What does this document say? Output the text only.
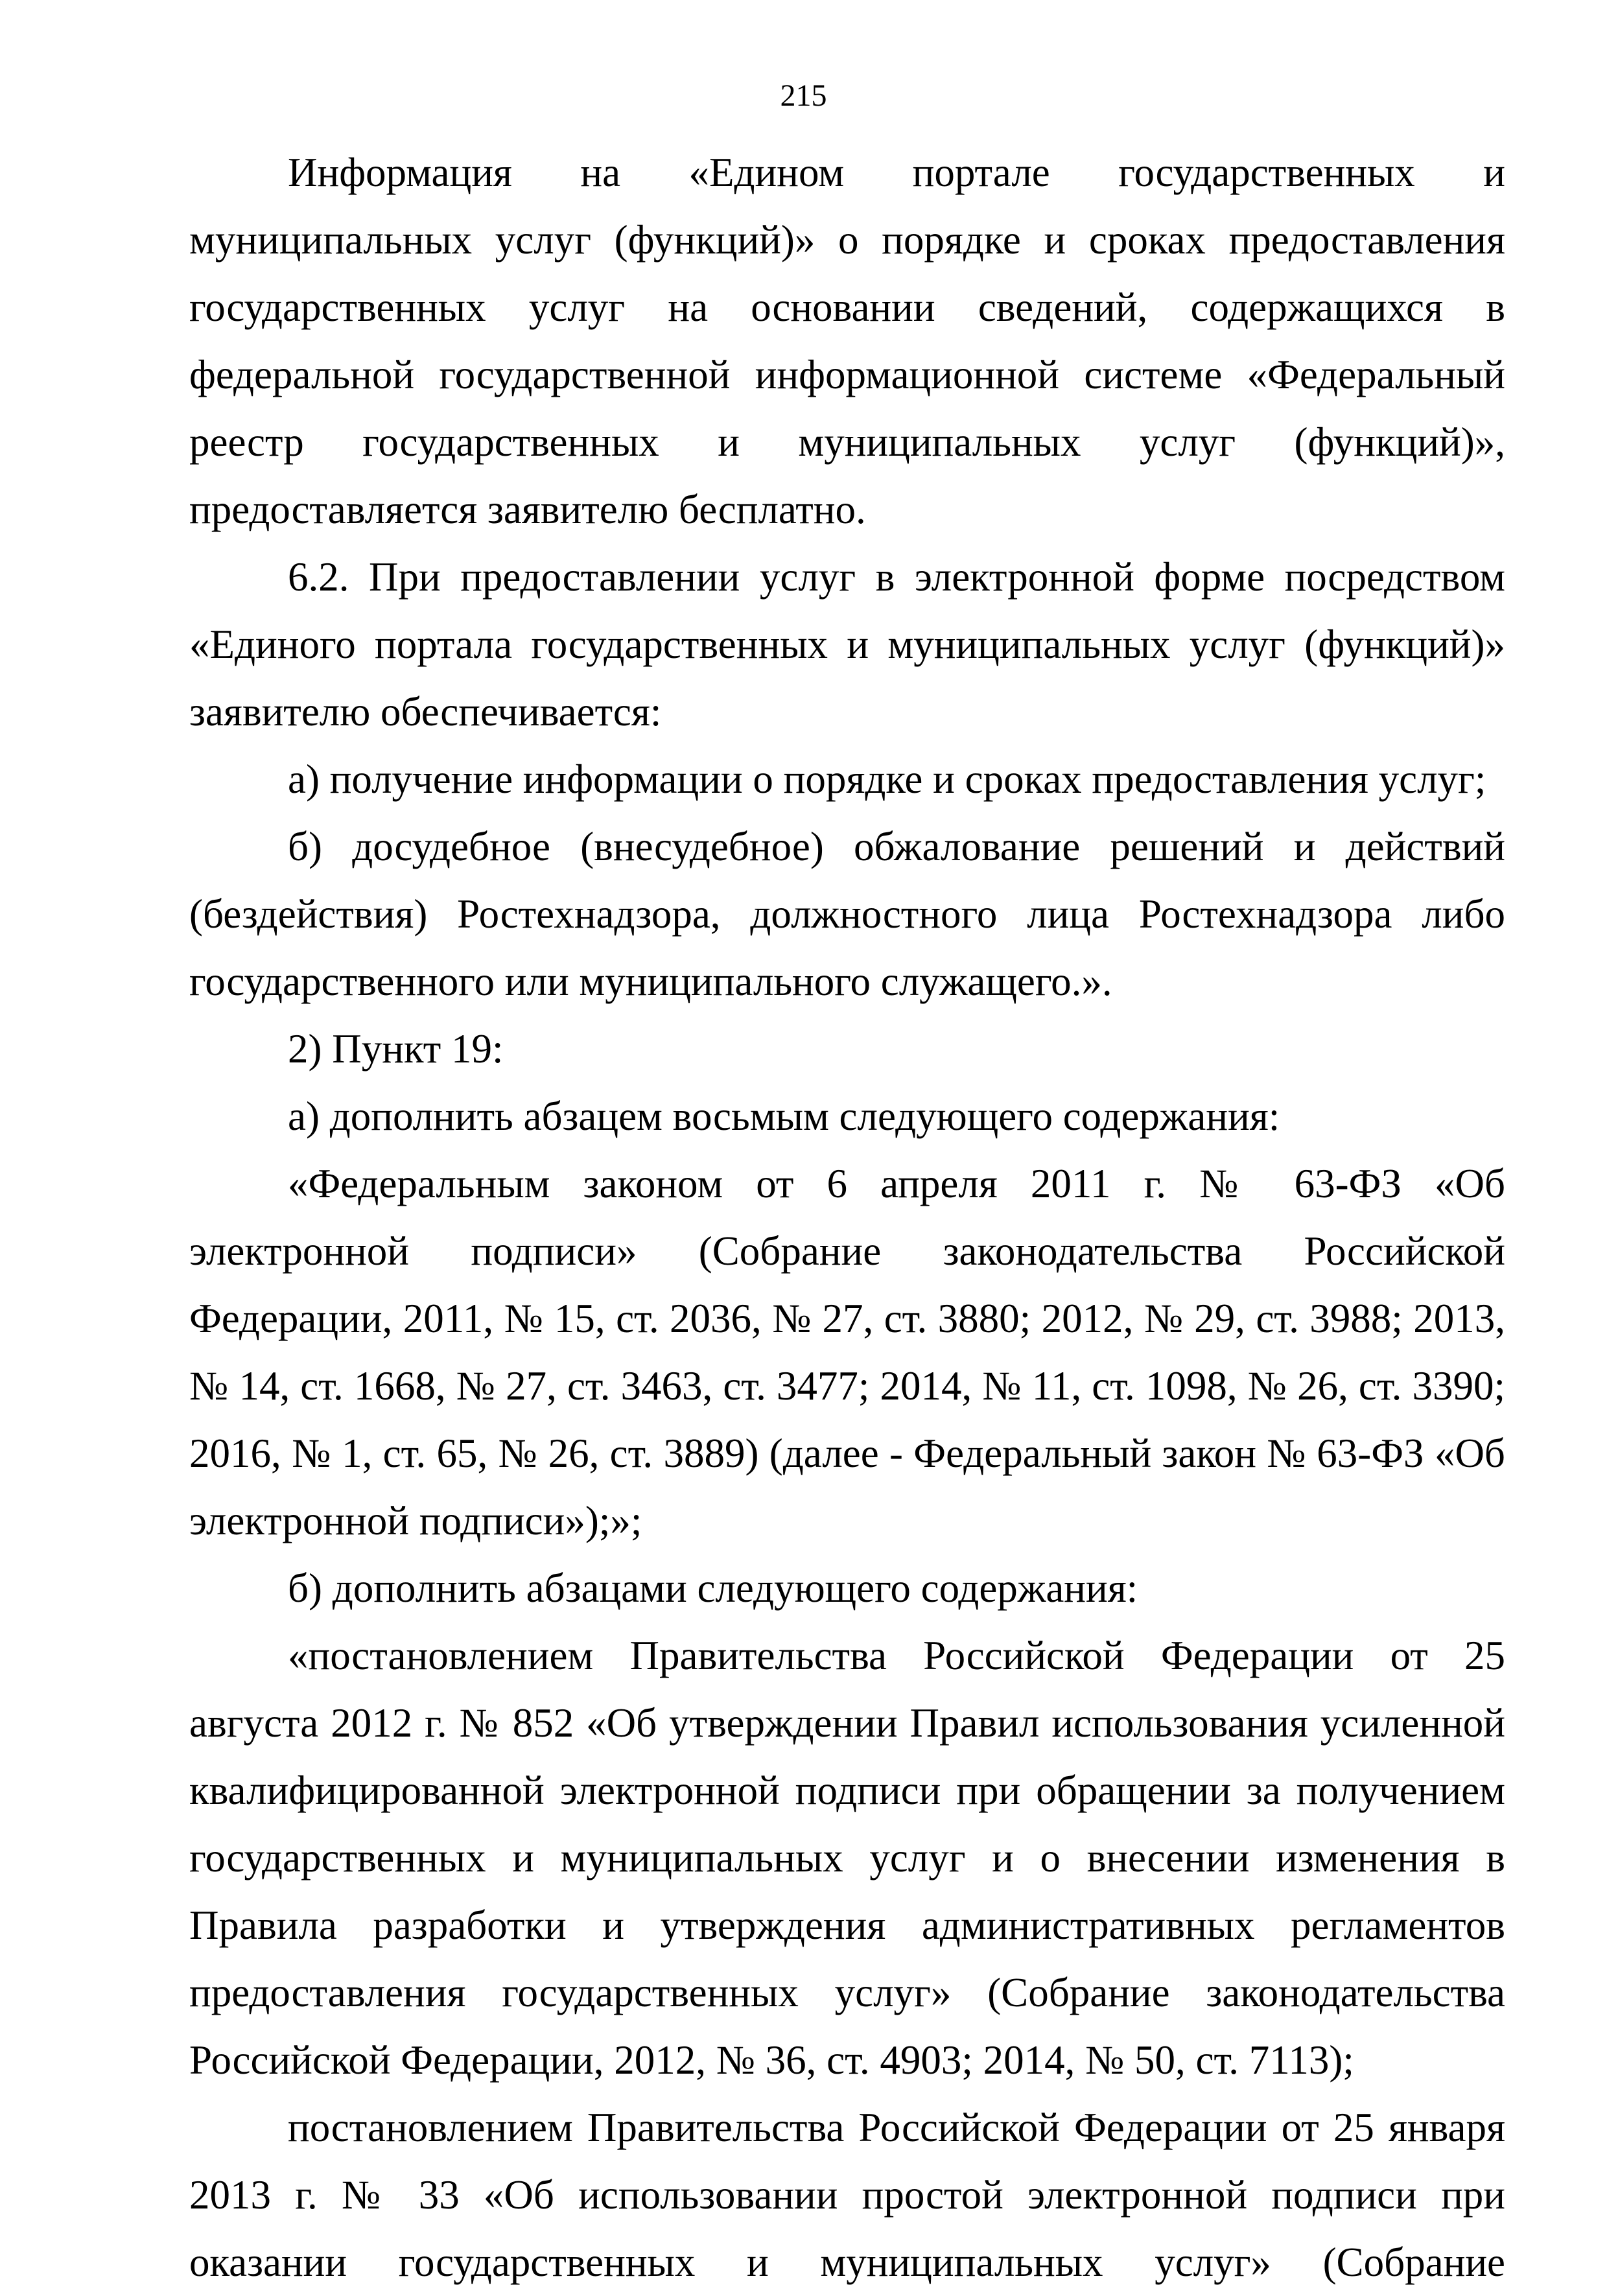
215

Информация на «Едином портале государственных и муниципальных услуг (функций)» о порядке и сроках предоставления государственных услуг на основании сведений, содержащихся в федеральной государственной информационной системе «Федеральный реестр государственных и муниципальных услуг (функций)», предоставляется заявителю бесплатно.

6.2. При предоставлении услуг в электронной форме посредством «Единого портала государственных и муниципальных услуг (функций)» заявителю обеспечивается:

а) получение информации о порядке и сроках предоставления услуг;

б) досудебное (внесудебное) обжалование решений и действий (бездействия) Ростехнадзора, должностного лица Ростехнадзора либо государственного или муниципального служащего.».

2) Пункт 19:

а) дополнить абзацем восьмым следующего содержания:

«Федеральным законом от 6 апреля 2011 г. № 63-ФЗ «Об электронной подписи» (Собрание законодательства Российской Федерации, 2011, № 15, ст. 2036, № 27, ст. 3880; 2012, № 29, ст. 3988; 2013, № 14, ст. 1668, № 27, ст. 3463, ст. 3477; 2014, № 11, ст. 1098, № 26, ст. 3390; 2016, № 1, ст. 65, № 26, ст. 3889) (далее - Федеральный закон № 63-ФЗ «Об электронной подписи»);»;

б) дополнить абзацами следующего содержания:

«постановлением Правительства Российской Федерации от 25 августа 2012 г. № 852 «Об утверждении Правил использования усиленной квалифицированной электронной подписи при обращении за получением государственных и муниципальных услуг и о внесении изменения в Правила разработки и утверждения административных регламентов предоставления государственных услуг» (Собрание законодательства Российской Федерации, 2012, № 36, ст. 4903; 2014, № 50, ст. 7113);

постановлением Правительства Российской Федерации от 25 января 2013 г. № 33 «Об использовании простой электронной подписи при оказании государственных и муниципальных услуг» (Собрание
